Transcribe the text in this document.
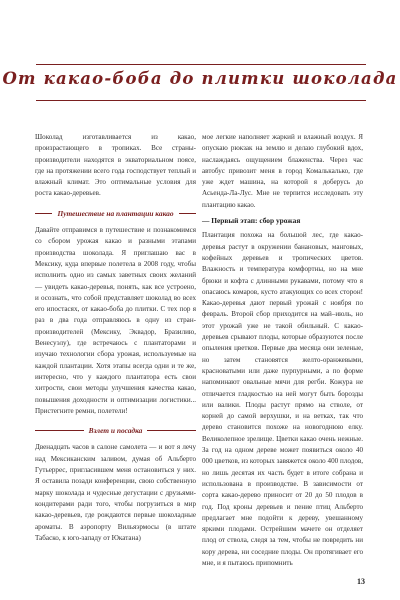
От какао-боба до плитки шоколада

Шоколад изготавливается из какао, произрастающего в тропиках. Все страны-производители находятся в экваториальном поясе, где на протяжении всего года господствует теплый и влажный климат. Это оптимальные условия для роста какао-деревьев.

Путешествие на плантации какао

Давайте отправимся в путешествие и познакомимся со сбором урожая какао и разными этапами производства шоколада. Я приглашаю вас в Мексику, куда впервые полетела в 2008 году, чтобы исполнить одно из самых заветных своих желаний — увидеть какао-деревья, понять, как все устроено, и осознать, что собой представляет шоколад во всех его ипостасях, от какао-боба до плитки. С тех пор я раз в два года отправляюсь в одну из стран-производителей (Мексику, Эквадор, Бразилию, Венесуэлу), где встречаюсь с плантаторами и изучаю технологии сбора урожая, используемые на каждой плантации. Хотя этапы всегда одни и те же, интересно, что у каждого плантатора есть свои хитрости, свои методы улучшения качества какао, повышения доходности и оптимизации логистики... Пристегните ремни, полетели!

Взлет и посадка

Двенадцать часов в салоне самолета — и вот я лечу над Мексиканским заливом, думая об Альберто Гутьеррес, пригласившем меня остановиться у них. Я оставила позади конференции, свою собственную марку шоколада и чудесные дегустации с друзьями-кондитерами ради того, чтобы погрузиться в мир какао-деревьев, где рождаются первые шоколадные ароматы. В аэропорту Вильяэрмосы (в штате Табаско, к юго-западу от Юкатана)

мое легкие наполняет жаркий и влажный воздух. Я опускаю рюкзак на землю и делаю глубокий вдох, наслаждаясь ощущением блаженства. Через час автобус привозит меня в город Комалькалько, где уже ждет машина, на которой я доберусь до Асьенда-Ла-Лус. Мне не терпится исследовать эту плантацию какао.

— Первый этап: сбор урожая

Плантация похожа на большой лес, где какао-деревья растут в окружении банановых, манговых, кофейных деревьев и тропических цветов. Влажность и температура комфортны, но на мне брюки и кофта с длинными рукавами, потому что я опасаюсь комаров, кусто атакующих со всех сторон! Какао-деревья дают первый урожай с ноября по февраль. Второй сбор приходится на май–июль, но этот урожай уже не такой обильный. С какао-деревьев срывают плоды, которые образуются после опыления цветков. Первые два месяца они зеленые, но затем становятся желто-оранжевыми, красноватыми или даже пурпурными, а по форме напоминают овальные мячи для регби. Кожура не отличается гладкостью на ней могут быть борозды или валики. Плоды растут прямо на стволе, от корней до самой верхушки, и на ветках, так что дерево становится похоже на новогоднюю елку. Великолепное зрелище. Цветки какао очень нежные. За год на одном дереве может появиться около 40 000 цветков, из которых завяжется около 400 плодов, но лишь десятая их часть будет в итоге собрана и использована в производстве. В зависимости от сорта какао-дерево приносит от 20 до 50 плодов в год. Под кроны деревьев и пение птиц Альберто предлагает мне подойти к дереву, увешанному яркими плодами. Острейшим мачете он отделяет плод от ствола, следя за тем, чтобы не повредить ни кору дерева, ни соседние плоды. Он протягивает его мне, и я пытаюсь припомнить

13
